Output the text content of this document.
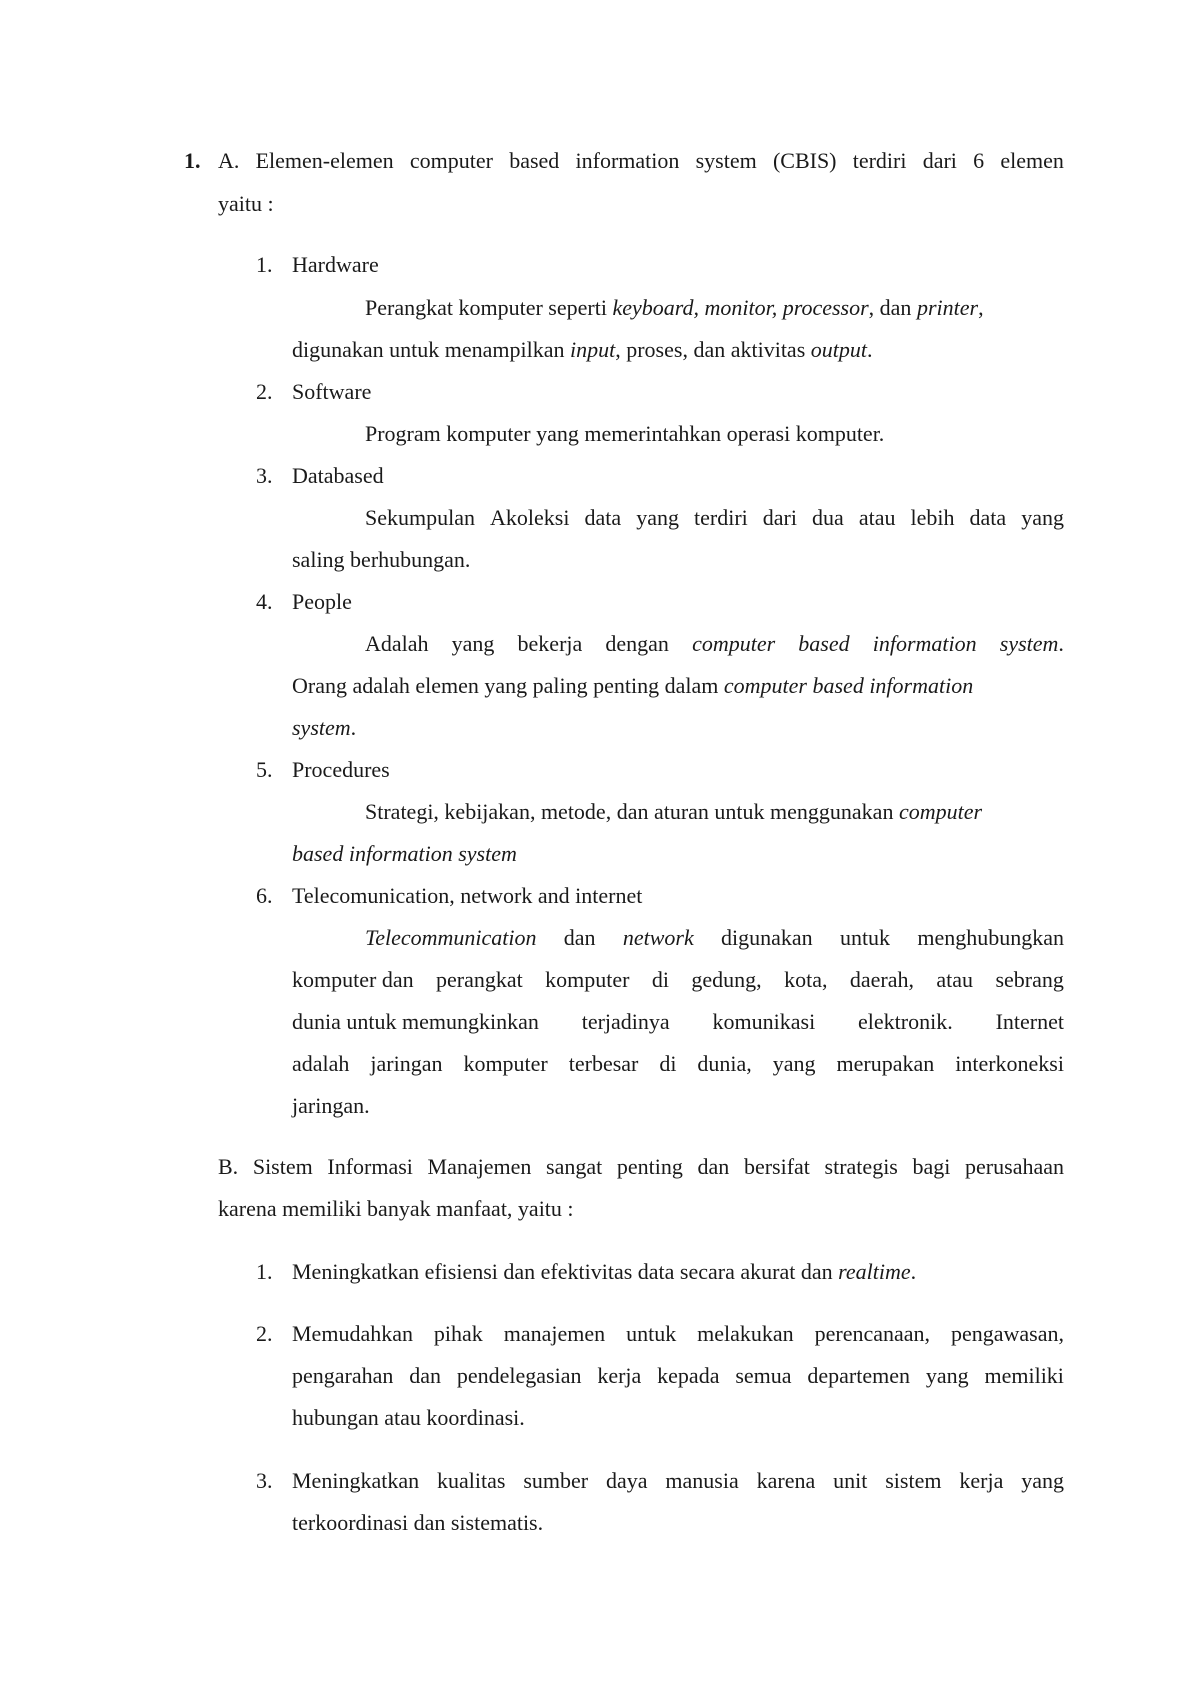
1. A. Elemen-elemen computer based information system (CBIS) terdiri dari 6 elemen
yaitu :
1. Hardware
Perangkat komputer seperti keyboard, monitor, processor, dan printer,
digunakan untuk menampilkan input, proses, dan aktivitas output.
2. Software
Program komputer yang memerintahkan operasi komputer.
3. Databased
Sekumpulan Akoleksi data yang terdiri dari dua atau lebih data yang
saling berhubungan.
4. People
Adalah yang bekerja dengan computer based information system.
Orang adalah elemen yang paling penting dalam computer based information
system.
5. Procedures
Strategi, kebijakan, metode, dan aturan untuk menggunakan computer
based information system
6. Telecomunication, network and internet
Telecommunication dan network digunakan untuk menghubungkan
komputer dan perangkat komputer di gedung, kota, daerah, atau sebrang
dunia untuk memungkinkan terjadinya komunikasi elektronik. Internet
adalah jaringan komputer terbesar di dunia, yang merupakan interkoneksi
jaringan.
B. Sistem Informasi Manajemen sangat penting dan bersifat strategis bagi perusahaan
karena memiliki banyak manfaat, yaitu :
1. Meningkatkan efisiensi dan efektivitas data secara akurat dan realtime.
2. Memudahkan pihak manajemen untuk melakukan perencanaan, pengawasan,
pengarahan dan pendelegasian kerja kepada semua departemen yang memiliki
hubungan atau koordinasi.
3. Meningkatkan kualitas sumber daya manusia karena unit sistem kerja yang
terkoordinasi dan sistematis.
